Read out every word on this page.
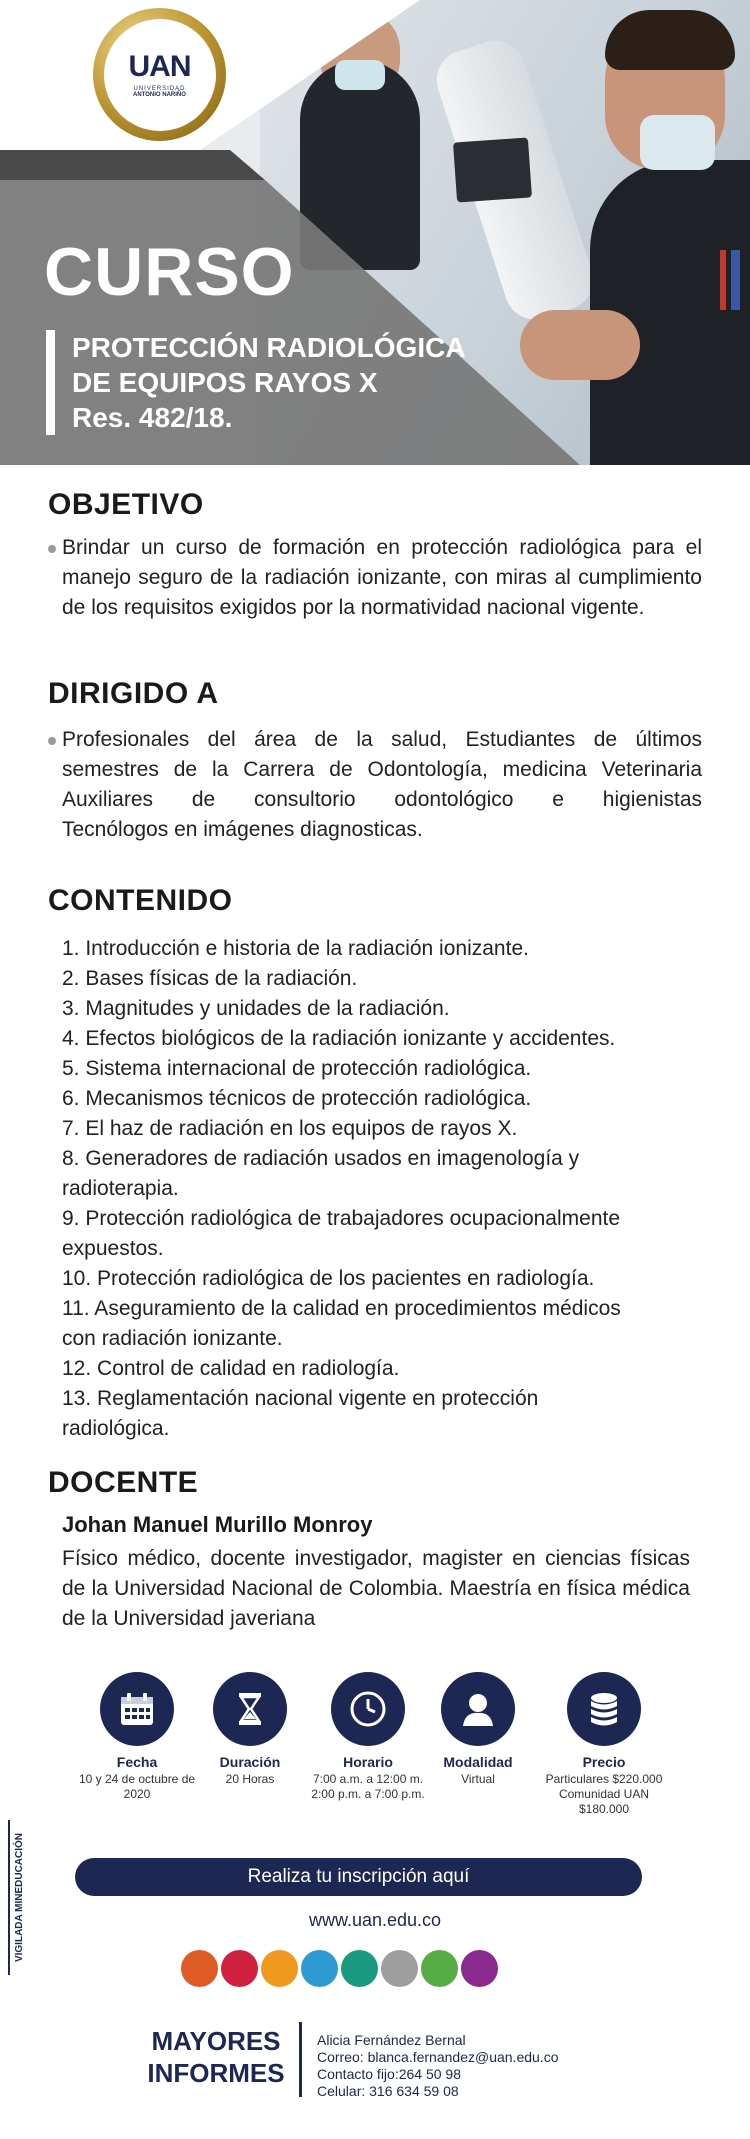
UAN
UNIVERSIDAD
ANTONIO NARIÑO
CURSO
PROTECCIÓN RADIOLÓGICA
DE EQUIPOS RAYOS X
Res. 482/18.
OBJETIVO
Brindar un curso de formación en protección radiológica para el manejo seguro de la radiación ionizante, con miras al cumplimiento de los requisitos exigidos por la normatividad nacional vigente.
DIRIGIDO A
Profesionales del área de la salud, Estudiantes de últimos
semestres de la Carrera de Odontología, medicina Veterinaria
Auxiliares de consultorio odontológico e higienistas
Tecnólogos en imágenes diagnosticas.
CONTENIDO
1. Introducción e historia de la radiación ionizante.
2. Bases físicas de la radiación.
3. Magnitudes y unidades de la radiación.
4. Efectos biológicos de la radiación ionizante y accidentes.
5. Sistema internacional de protección radiológica.
6. Mecanismos técnicos de protección radiológica.
7. El haz de radiación en los equipos de rayos X.
8. Generadores de radiación usados en imagenología y radioterapia.
9. Protección radiológica de trabajadores ocupacionalmente expuestos.
10. Protección radiológica de los pacientes en radiología.
11. Aseguramiento de la calidad en procedimientos médicos con radiación ionizante.
12. Control de calidad en radiología.
13. Reglamentación nacional vigente en protección radiológica.
DOCENTE
Johan Manuel Murillo Monroy
Físico médico, docente investigador, magister en ciencias físicas de la Universidad Nacional de Colombia. Maestría en física médica de la Universidad javeriana
Fecha
10 y 24 de octubre de 2020
Duración
20 Horas
Horario
7:00 a.m. a 12:00 m.
2:00 p.m. a 7:00 p.m.
Modalidad
Virtual
Precio
Particulares $220.000
Comunidad UAN $180.000
VIGILADA MINEDUCACIÓN	Realiza tu inscripción aquí
www.uan.edu.co
MAYORES
INFORMES
Alicia Fernández Bernal
Correo: blanca.fernandez@uan.edu.co
Contacto fijo:264 50 98
Celular: 316 634 59 08
